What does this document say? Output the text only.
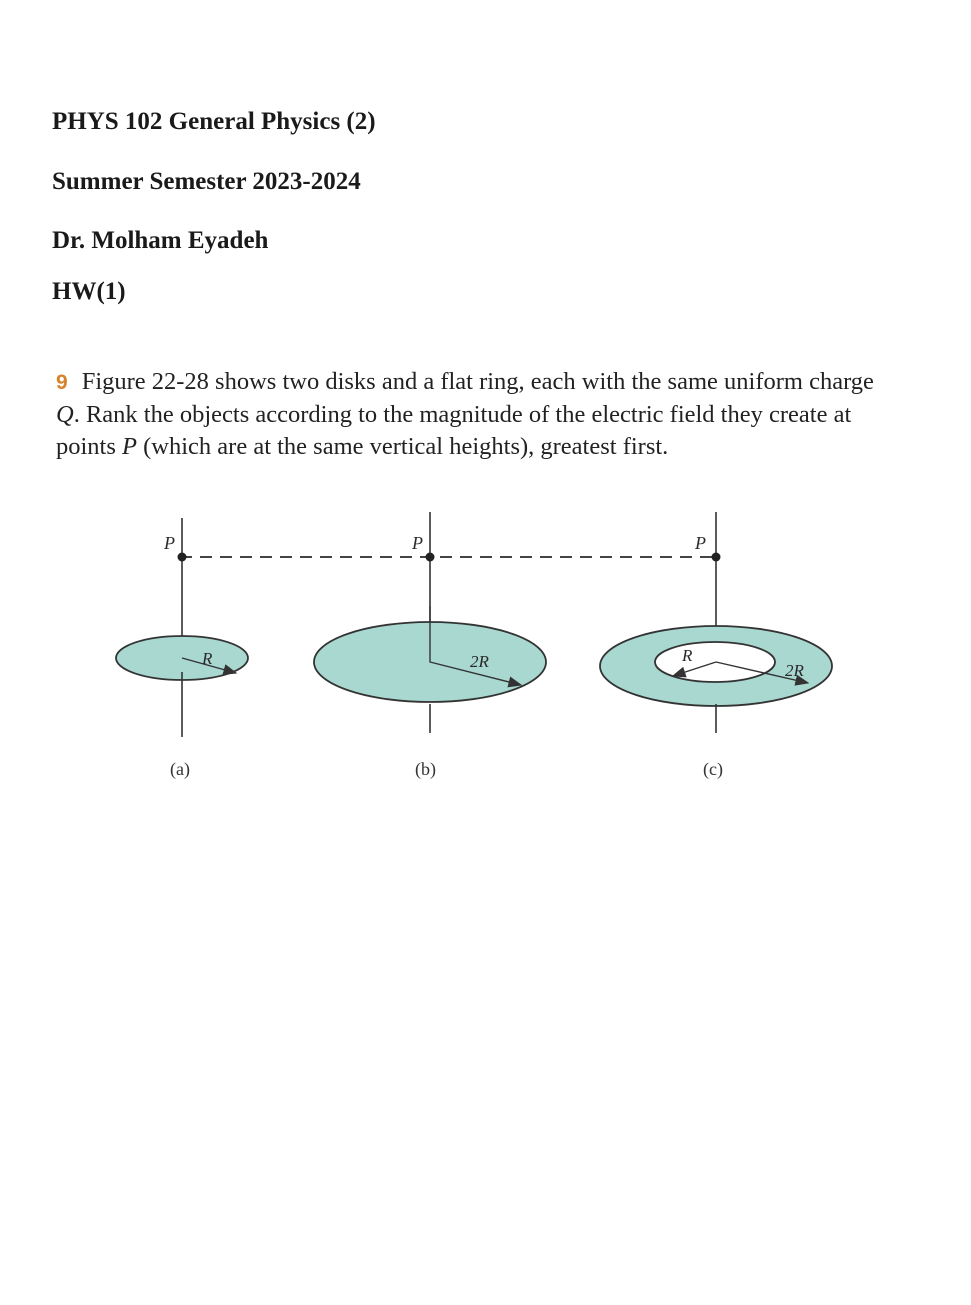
PHYS 102 General Physics (2)
Summer Semester 2023-2024
Dr. Molham Eyadeh
HW(1)
9 Figure 22-28 shows two disks and a flat ring, each with the same uniform charge Q. Rank the objects according to the magnitude of the electric field they create at points P (which are at the same vertical heights), greatest first.
P
R
(a)
P
2R
(b)
P
R
2R
(c)
